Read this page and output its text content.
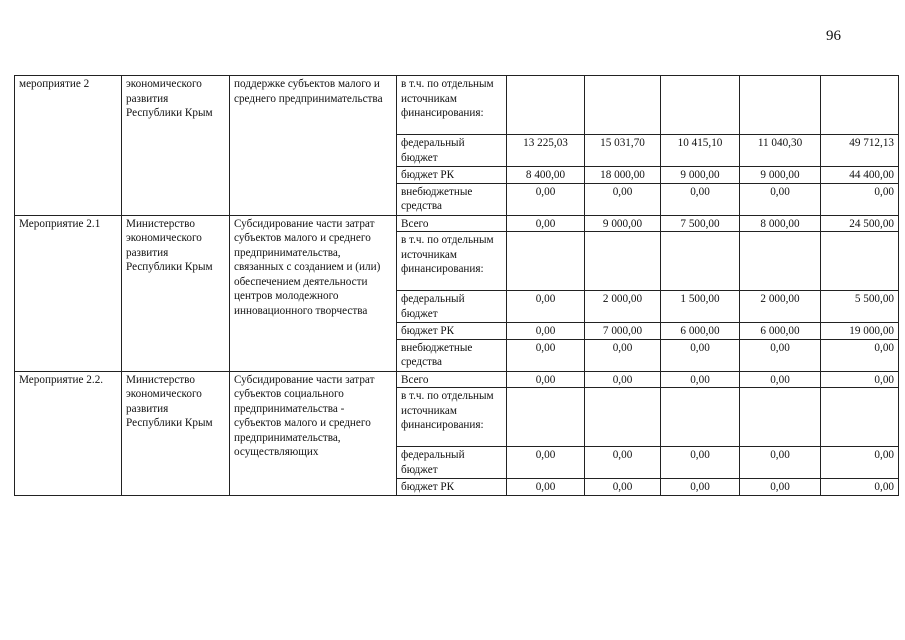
96
мероприятие 2	экономического развития Республики Крым	поддержке субъектов малого и среднего предпринимательства	в т.ч. по отдельным источникам финансирования:					
			федеральный бюджет	13 225,03	15 031,70	10 415,10	11 040,30	49 712,13
			бюджет РК	8 400,00	18 000,00	9 000,00	9 000,00	44 400,00
			внебюджетные средства	0,00	0,00	0,00	0,00	0,00
Мероприятие 2.1	Министерство экономического развития Республики Крым	Субсидирование части затрат субъектов малого и среднего предпринимательства, связанных с созданием и (или) обеспечением деятельности центров молодежного инновационного творчества	Всего	0,00	9 000,00	7 500,00	8 000,00	24 500,00
			в т.ч. по отдельным источникам финансирования:					
			федеральный бюджет	0,00	2 000,00	1 500,00	2 000,00	5 500,00
			бюджет РК	0,00	7 000,00	6 000,00	6 000,00	19 000,00
			внебюджетные средства	0,00	0,00	0,00	0,00	0,00
Мероприятие 2.2.	Министерство экономического развития Республики Крым	Субсидирование части затрат субъектов социального предпринимательства - субъектов малого и среднего предпринимательства, осуществляющих	Всего	0,00	0,00	0,00	0,00	0,00
			в т.ч. по отдельным источникам финансирования:					
			федеральный бюджет	0,00	0,00	0,00	0,00	0,00
			бюджет РК	0,00	0,00	0,00	0,00	0,00
